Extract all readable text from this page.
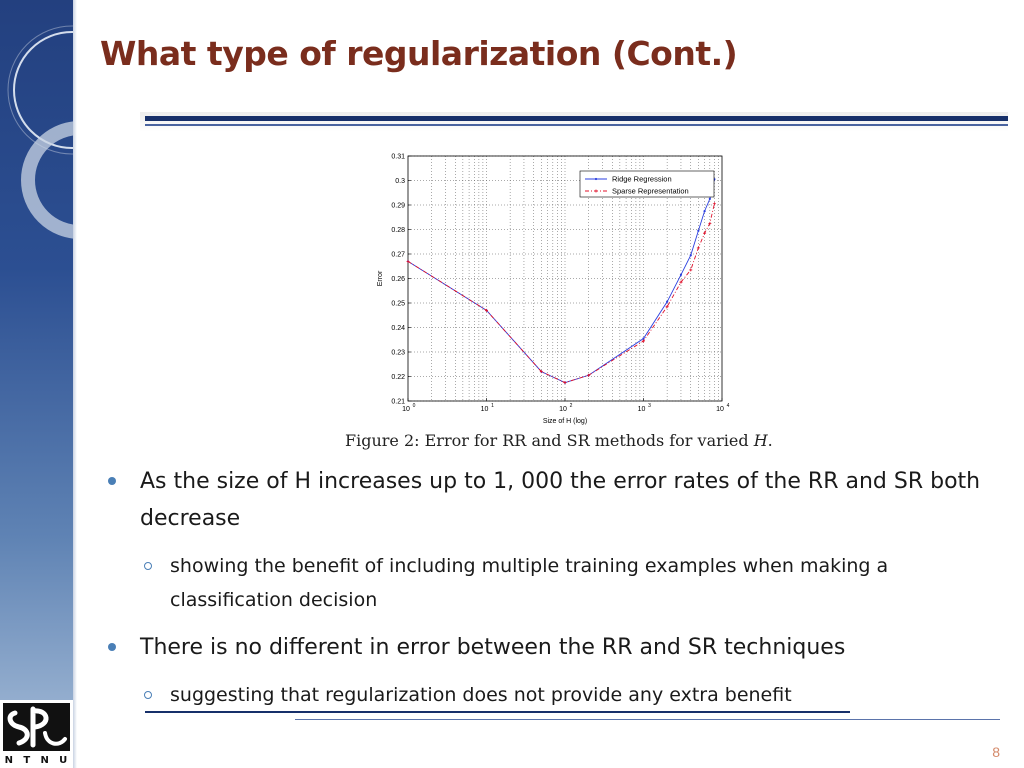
N T N U
What type of regularization (Cont.)
0.21
0.22
0.23
0.24
0.25
0.26
0.27
0.28
0.29
0.3
0.31
10 0	10 1	10 2	10 3	10 4
Ridge Regression
Sparse Representation
Size of H (log)
Error
Figure 2: Error for RR and SR methods for varied H.
As the size of H increases up to 1, 000 the error rates of the RR and SR both decrease
showing the benefit of including multiple training examples when making a classification decision
There is no different in error between the RR and SR techniques
suggesting that regularization does not provide any extra benefit
8
